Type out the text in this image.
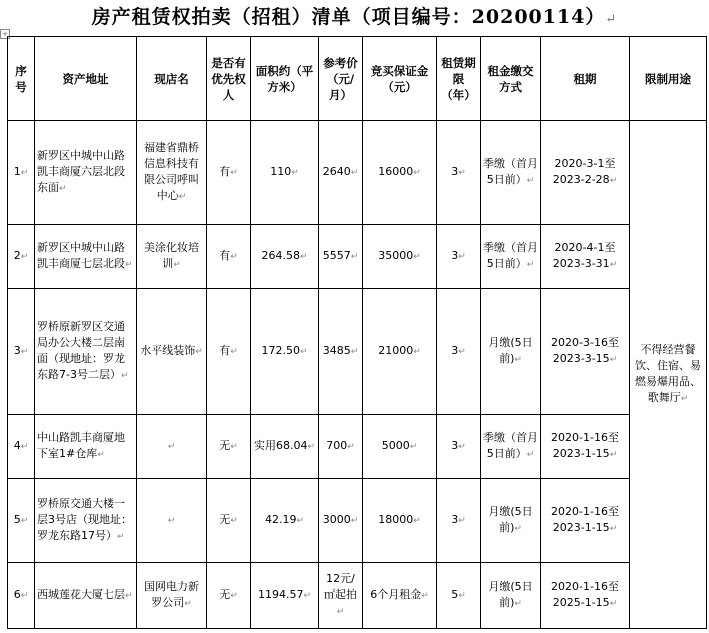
房产租赁权拍卖（招租）清单（项目编号：20200114）↵
+
序号	资产地址	现店名	是否有优先权人	面积约（平方米）	参考价（元/月）	竞买保证金（元）	租赁期限（年）	租金缴交方式	租期	限制用途
1↵	新罗区中城中山路凯丰商厦六层北段东面↵	福建省鼎桥信息科技有限公司呼叫中心↵	有↵	110↵	2640↵	16000↵	3↵	季缴（首月5日前）↵	2020-3-1至2023-2-28↵	不得经营餐饮、住宿、易燃易爆用品、歌舞厅↵
2↵	新罗区中城中山路凯丰商厦七层北段↵	美涂化妆培训↵	有↵	264.58↵	5557↵	35000↵	3↵	季缴（首月5日前）↵	2020-4-1至2023-3-31↵	
3↵	罗桥原新罗区交通局办公大楼二层南面（现地址：罗龙东路7-3号二层）↵	水平线装饰↵	有↵	172.50↵	3485↵	21000↵	3↵	月缴(5日前)↵	2020-3-16至2023-3-15↵	
4↵	中山路凯丰商厦地下室1#仓库↵	↵	无↵	实用68.04↵	700↵	5000↵	3↵	季缴（首月5日前）↵	2020-1-16至2023-1-15↵	
5↵	罗桥原交通大楼一层3号店（现地址：罗龙东路17号）↵	↵	无↵	42.19↵	3000↵	18000↵	3↵	月缴(5日前)↵	2020-1-16至2023-1-15↵	
6↵	西城莲花大厦七层↵	国网电力新罗公司↵	无↵	1194.57↵	12元/㎡起拍↵	6个月租金↵	5↵	月缴(5日前)↵	2020-1-16至2025-1-15↵	
